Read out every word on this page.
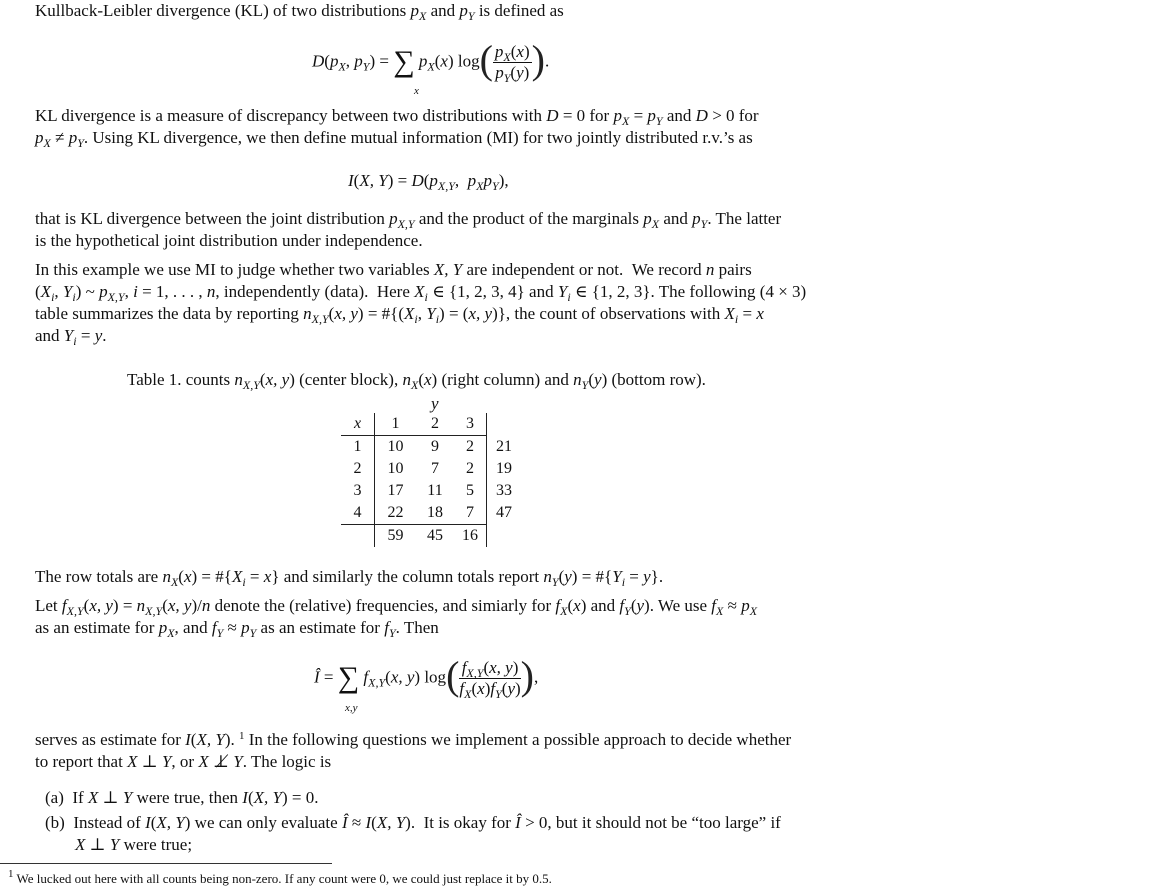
Kullback-Leibler divergence (KL) of two distributions $p_X$ and $p_Y$ is defined as
$D(p_X$, $p_Y$) = ∑ $p_X(x)$ $\log( \frac{p_X(x)}{p_Y(y)}$ ).
x
KL divergence is a measure of discrepancy between two distributions with D = 0 for $p_X = p_Y$ and D > 0 for
$p_X \ne p_Y$. Using KL divergence, we then define mutual information (MI) for two jointly distributed r.v.’s as
I(X, $Y) = D(p_{X,Y}$,  $p_Xp_Y$),
that is KL divergence between the joint distribution $p_{X,Y}$ and the product of the marginals $p_X$ and $p_Y$. The latter
is the hypothetical joint distribution under independence.
In this example we use MI to judge whether two variables X, Y are independent or not.  We record n pairs
($X_i$, $Y_i$) ~ $p_{X,Y}$, i = 1, . . . , n, independently (data).  Here $X_i$ ∈ {1, 2, 3, 4} and $Y_i$ ∈ {1, 2, 3}. The following (4 × 3)
table summarizes the data by reporting $n_{X,Y}(x$, $y) = \#\{(X_i$, $Y_i) = (x$, y)}, the count of observations with $X_i = x$
and $Y_i = y$.
Table 1. counts $n_{X,Y}(x$, y) (center block), $n_X(x)$ (right column) and $n_Y(y)$ (bottom row).
y
x	1	2	3	
1	10	9	2	21
2	10	7	2	19
3	17	11	5	33
4	22	18	7	47
	59	45	16	
The row totals are $n_X(x)$ = $\#\{X_i = x\}$ and similarly the column totals report $n_Y(y)$ = $\#\{Y_i = y\}$.
Let $f_{X,Y}(x$, $y) = n_{X,Y}(x$, y)/n denote the (relative) frequencies, and simiarly for $f_X(x)$ and $f_Y(y)$. We use $f_X \approx p_X$
as an estimate for $p_X$, and $f_Y \approx p_Y$ as an estimate for $f_Y$. Then
Î = ∑ $f_{X,Y}(x$, y) $\log( \frac{f_{X,Y}(x, y)}{f_X(x)f_Y(y)}$ ),
x,y
serves as estimate for I(X, Y). $^1$ In the following questions we implement a possible approach to decide whether
to report that X ⊥ Y, or X ⊥̸ Y. The logic is
(a)  If X ⊥ Y were true, then I(X, Y) = 0.
(b)  Instead of I(X, Y) we can only evaluate Î ≈ I(X, Y).  It is okay for Î > 0, but it should not be “too large” if
X ⊥ Y were true;
$^1$ We lucked out here with all counts being non-zero. If any count were 0, we could just replace it by 0.5.
